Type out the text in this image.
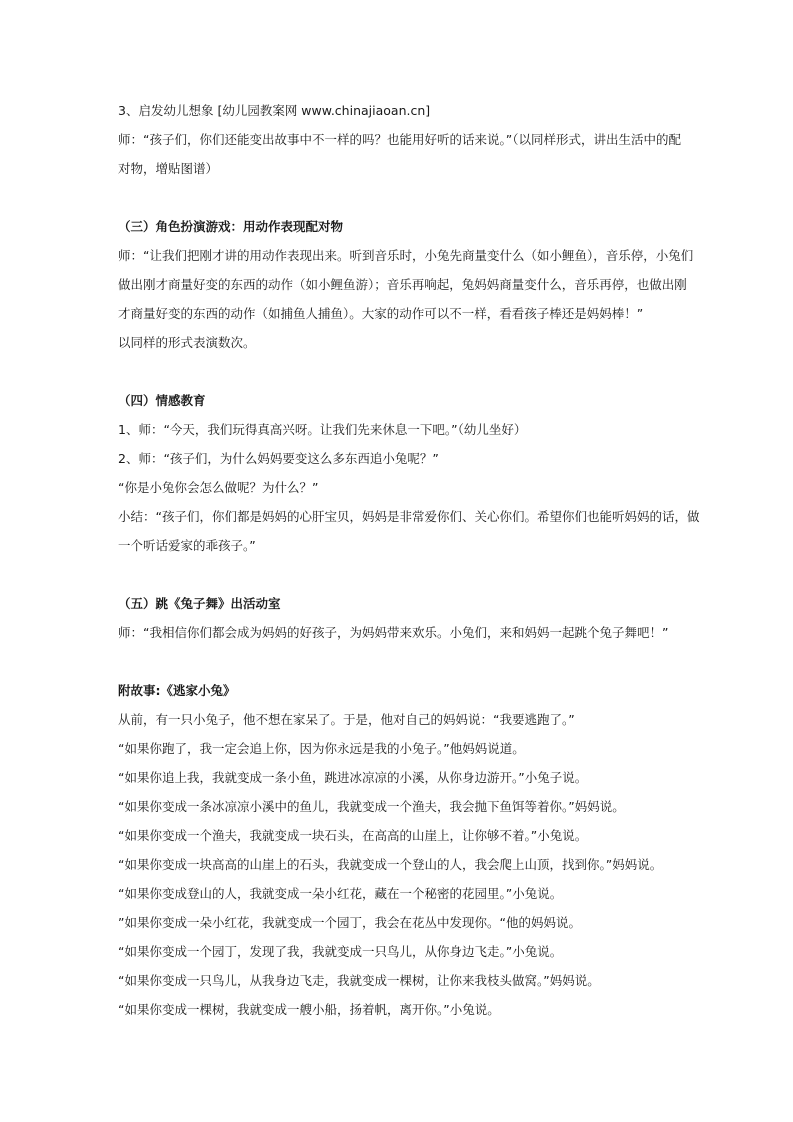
3、启发幼儿想象 [幼儿园教案网 www.chinajiaoan.cn]

师：“孩子们，你们还能变出故事中不一样的吗？也能用好听的话来说。”（以同样形式，讲出生活中的配

对物，增贴图谱）

（三）角色扮演游戏：用动作表现配对物

师：“让我们把刚才讲的用动作表现出来。听到音乐时，小兔先商量变什么（如小鲤鱼），音乐停，小兔们

做出刚才商量好变的东西的动作（如小鲤鱼游）；音乐再响起，兔妈妈商量变什么，音乐再停，也做出刚

才商量好变的东西的动作（如捕鱼人捕鱼）。大家的动作可以不一样，看看孩子棒还是妈妈棒！”

以同样的形式表演数次。

（四）情感教育

1、师：“今天，我们玩得真高兴呀。让我们先来休息一下吧。”（幼儿坐好）

2、师：“孩子们，为什么妈妈要变这么多东西追小兔呢？”

“你是小兔你会怎么做呢？为什么？”

小结：“孩子们，你们都是妈妈的心肝宝贝，妈妈是非常爱你们、关心你们。希望你们也能听妈妈的话，做

一个听话爱家的乖孩子。”

（五）跳《兔子舞》出活动室

师：“我相信你们都会成为妈妈的好孩子，为妈妈带来欢乐。小兔们，来和妈妈一起跳个兔子舞吧！”

附故事:《逃家小兔》

从前，有一只小兔子，他不想在家呆了。于是，他对自己的妈妈说：“我要逃跑了。”

“如果你跑了，我一定会追上你，因为你永远是我的小兔子。”他妈妈说道。

“如果你追上我，我就变成一条小鱼，跳进冰凉凉的小溪，从你身边游开。”小兔子说。

“如果你变成一条冰凉凉小溪中的鱼儿，我就变成一个渔夫，我会抛下鱼饵等着你。”妈妈说。

“如果你变成一个渔夫，我就变成一块石头，在高高的山崖上，让你够不着。”小兔说。

“如果你变成一块高高的山崖上的石头，我就变成一个登山的人，我会爬上山顶，找到你。”妈妈说。

“如果你变成登山的人，我就变成一朵小红花，藏在一个秘密的花园里。”小兔说。

”如果你变成一朵小红花，我就变成一个园丁，我会在花丛中发现你。“他的妈妈说。

“如果你变成一个园丁，发现了我，我就变成一只鸟儿，从你身边飞走。”小兔说。

“如果你变成一只鸟儿，从我身边飞走，我就变成一棵树，让你来我枝头做窝。”妈妈说。

“如果你变成一棵树，我就变成一艘小船，扬着帆，离开你。”小兔说。
